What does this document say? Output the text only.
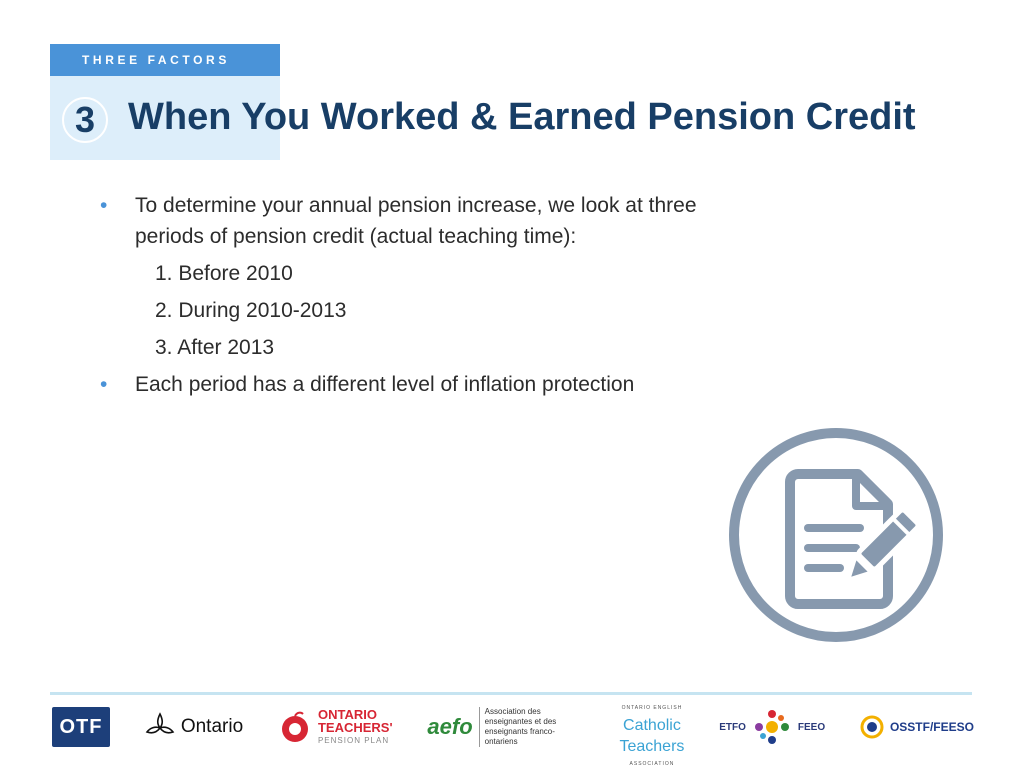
THREE FACTORS
3 When You Worked & Earned Pension Credit
• To determine your annual pension increase, we look at three periods of pension credit (actual teaching time):
1. Before 2010
2. During 2010-2013
3. After 2013
• Each period has a different level of inflation protection
OTF	Ontario
ONTARIO
TEACHERS'
PENSION PLAN
aefo
Association des enseignantes et des enseignants franco-ontariens
ONTARIO ENGLISH
Catholic
Teachers
ASSOCIATION
ETFO	FEEO	OSSTF/FEESO
